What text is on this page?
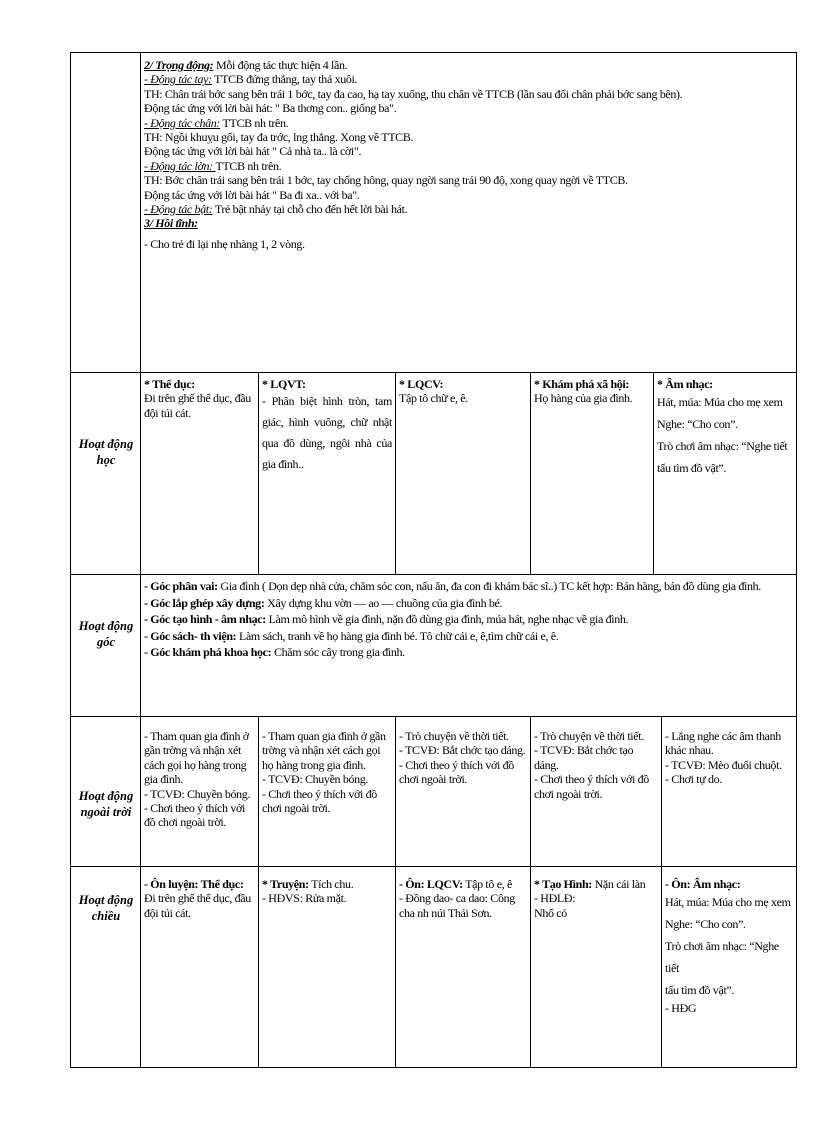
2/ Trọng động: Mỗi động tác thực hiện 4 lần.

- Động tác tay: TTCB đứng thẳng, tay thả xuôi.

TH: Chân trái bớc sang bên trái 1 bớc, tay đa cao, hạ tay xuống, thu chân về TTCB (lần sau đổi chân phải bớc sang bên).

Động tác ứng với lời bài hát: " Ba thơng con.. giống ba".

- Động tác chân: TTCB nh trên.

TH: Ngồi khuỵu gối, tay đa trớc, lng thẳng. Xong về TTCB.

Động tác ứng với lời bài hát " Cả nhà ta.. là cời".

- Động tác lờn: TTCB nh trên.

TH: Bớc chân trái sang bên trái 1 bớc, tay chống hông, quay ngời sang trái 90 độ, xong quay ngời về TTCB.

Động tác ứng với lời bài hát " Ba đi xa.. với ba".

- Động tác bật: Trẻ bật nhảy tại chỗ cho đến hết lời bài hát.

3/ Hồi tĩnh:

- Cho trẻ đi lại nhẹ nhàng 1, 2 vòng.

Hoạt động
học

* Thể dục:

Đi trên ghế thể dục, đầu đội túi cát.

* LQVT:

- Phân biệt hình tròn, tam giác, hình vuông, chữ nhật qua đồ dùng, ngôi nhà của gia đình..

* LQCV:

Tập tô chữ e, ê.

* Khám phá xã hội:

Họ hàng của gia đình.

* Âm nhạc:

Hát, múa: Múa cho mẹ xem

Nghe: “Cho con”.

Trò chơi âm nhạc: “Nghe tiết

tấu tìm đồ vật”.

Hoạt động
góc

- Góc phân vai: Gia đình ( Dọn dẹp nhà cửa, chăm sóc con, nấu ăn, đa con đi khám bác sĩ..) TC kết hợp: Bán hàng, bán đồ dùng gia đình.

- Góc lắp ghép xây dựng: Xây dựng khu vờn — ao — chuồng của gia đình bé.

- Góc tạo hình - âm nhạc: Làm mô hình về gia đình, nặn đồ dùng gia đình, múa hát, nghe nhạc về gia đình.

- Góc sách- th viện: Làm sách, tranh về họ hàng gia đình bé. Tô chữ cái e, ê,tìm chữ cái e, ê.

- Góc khám phá khoa học: Chăm sóc cây trong gia đình.

Hoạt động
ngoài trời

- Tham quan gia đình ở gần trờng và nhận xét cách gọi họ hàng trong gia đình.

- TCVĐ: Chuyền bóng.

- Chơi theo ý thích với đồ chơi ngoài trời.

- Tham quan gia đình ở gần trờng và nhận xét cách gọi họ hàng trong gia đình.

- TCVĐ: Chuyền bóng.

- Chơi theo ý thích với đồ chơi ngoài trời.

- Trò chuyện về thời tiết.

- TCVĐ: Bắt chớc tạo dáng.

- Chơi theo ý thích với đồ chơi ngoài trời.

- Trò chuyện về thời tiết.

- TCVĐ: Bắt chớc tạo dáng.

- Chơi theo ý thích với đồ chơi ngoài trời.

- Lắng nghe các âm thanh khác nhau.

- TCVĐ: Mèo đuổi chuột.

- Chơi tự do.

Hoạt động
chiều

- Ôn luyện: Thể dục:

Đi trên ghế thể dục, đầu đội túi cát.

* Truyện: Tích chu.

- HĐVS: Rửa mặt.

- Ôn: LQCV: Tập tô e, ê

- Đồng dao- ca dao: Công cha nh núi Thái Sơn.

* Tạo Hình: Nặn cái làn

- HĐLĐ:

Nhổ cỏ

- Ôn: Âm nhạc:

Hát, múa: Múa cho mẹ xem

Nghe: “Cho con”.

Trò chơi âm nhạc: “Nghe tiết

tấu tìm đồ vật”.

- HĐG
